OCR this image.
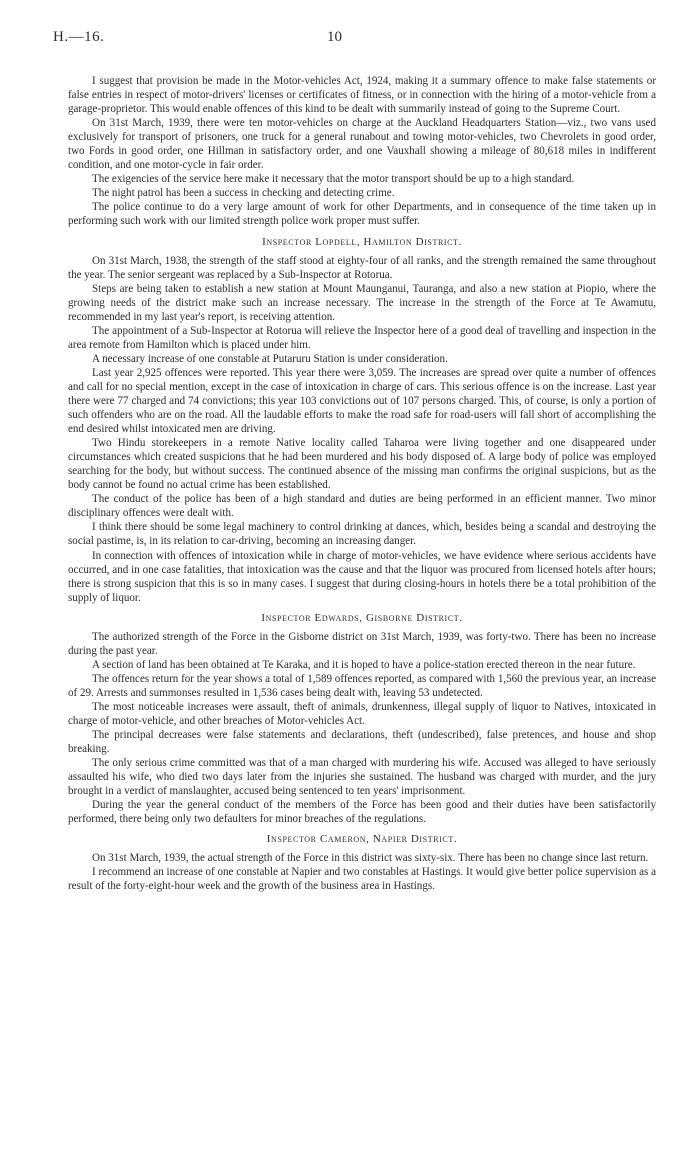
H.—16.	10

I suggest that provision be made in the Motor-vehicles Act, 1924, making it a summary offence to make false statements or false entries in respect of motor-drivers' licenses or certificates of fitness, or in connection with the hiring of a motor-vehicle from a garage-proprietor. This would enable offences of this kind to be dealt with summarily instead of going to the Supreme Court.

On 31st March, 1939, there were ten motor-vehicles on charge at the Auckland Headquarters Station—viz., two vans used exclusively for transport of prisoners, one truck for a general runabout and towing motor-vehicles, two Chevrolets in good order, two Fords in good order, one Hillman in satisfactory order, and one Vauxhall showing a mileage of 80,618 miles in indifferent condition, and one motor-cycle in fair order.

The exigencies of the service here make it necessary that the motor transport should be up to a high standard.

The night patrol has been a success in checking and detecting crime.

The police continue to do a very large amount of work for other Departments, and in consequence of the time taken up in performing such work with our limited strength police work proper must suffer.

Inspector Lopdell, Hamilton District.

On 31st March, 1938, the strength of the staff stood at eighty-four of all ranks, and the strength remained the same throughout the year. The senior sergeant was replaced by a Sub-Inspector at Rotorua.

Steps are being taken to establish a new station at Mount Maunganui, Tauranga, and also a new station at Piopio, where the growing needs of the district make such an increase necessary. The increase in the strength of the Force at Te Awamutu, recommended in my last year's report, is receiving attention.

The appointment of a Sub-Inspector at Rotorua will relieve the Inspector here of a good deal of travelling and inspection in the area remote from Hamilton which is placed under him.

A necessary increase of one constable at Putaruru Station is under consideration.

Last year 2,925 offences were reported. This year there were 3,059. The increases are spread over quite a number of offences and call for no special mention, except in the case of intoxication in charge of cars. This serious offence is on the increase. Last year there were 77 charged and 74 convictions; this year 103 convictions out of 107 persons charged. This, of course, is only a portion of such offenders who are on the road. All the laudable efforts to make the road safe for road-users will fall short of accomplishing the end desired whilst intoxicated men are driving.

Two Hindu storekeepers in a remote Native locality called Taharoa were living together and one disappeared under circumstances which created suspicions that he had been murdered and his body disposed of. A large body of police was employed searching for the body, but without success. The continued absence of the missing man confirms the original suspicions, but as the body cannot be found no actual crime has been established.

The conduct of the police has been of a high standard and duties are being performed in an efficient manner. Two minor disciplinary offences were dealt with.

I think there should be some legal machinery to control drinking at dances, which, besides being a scandal and destroying the social pastime, is, in its relation to car-driving, becoming an increasing danger.

In connection with offences of intoxication while in charge of motor-vehicles, we have evidence where serious accidents have occurred, and in one case fatalities, that intoxication was the cause and that the liquor was procured from licensed hotels after hours; there is strong suspicion that this is so in many cases. I suggest that during closing-hours in hotels there be a total prohibition of the supply of liquor.

Inspector Edwards, Gisborne District.

The authorized strength of the Force in the Gisborne district on 31st March, 1939, was forty-two. There has been no increase during the past year.

A section of land has been obtained at Te Karaka, and it is hoped to have a police-station erected thereon in the near future.

The offences return for the year shows a total of 1,589 offences reported, as compared with 1,560 the previous year, an increase of 29. Arrests and summonses resulted in 1,536 cases being dealt with, leaving 53 undetected.

The most noticeable increases were assault, theft of animals, drunkenness, illegal supply of liquor to Natives, intoxicated in charge of motor-vehicle, and other breaches of Motor-vehicles Act.

The principal decreases were false statements and declarations, theft (undescribed), false pretences, and house and shop breaking.

The only serious crime committed was that of a man charged with murdering his wife. Accused was alleged to have seriously assaulted his wife, who died two days later from the injuries she sustained. The husband was charged with murder, and the jury brought in a verdict of manslaughter, accused being sentenced to ten years' imprisonment.

During the year the general conduct of the members of the Force has been good and their duties have been satisfactorily performed, there being only two defaulters for minor breaches of the regulations.

Inspector Cameron, Napier District.

On 31st March, 1939, the actual strength of the Force in this district was sixty-six. There has been no change since last return.

I recommend an increase of one constable at Napier and two constables at Hastings. It would give better police supervision as a result of the forty-eight-hour week and the growth of the business area in Hastings.
